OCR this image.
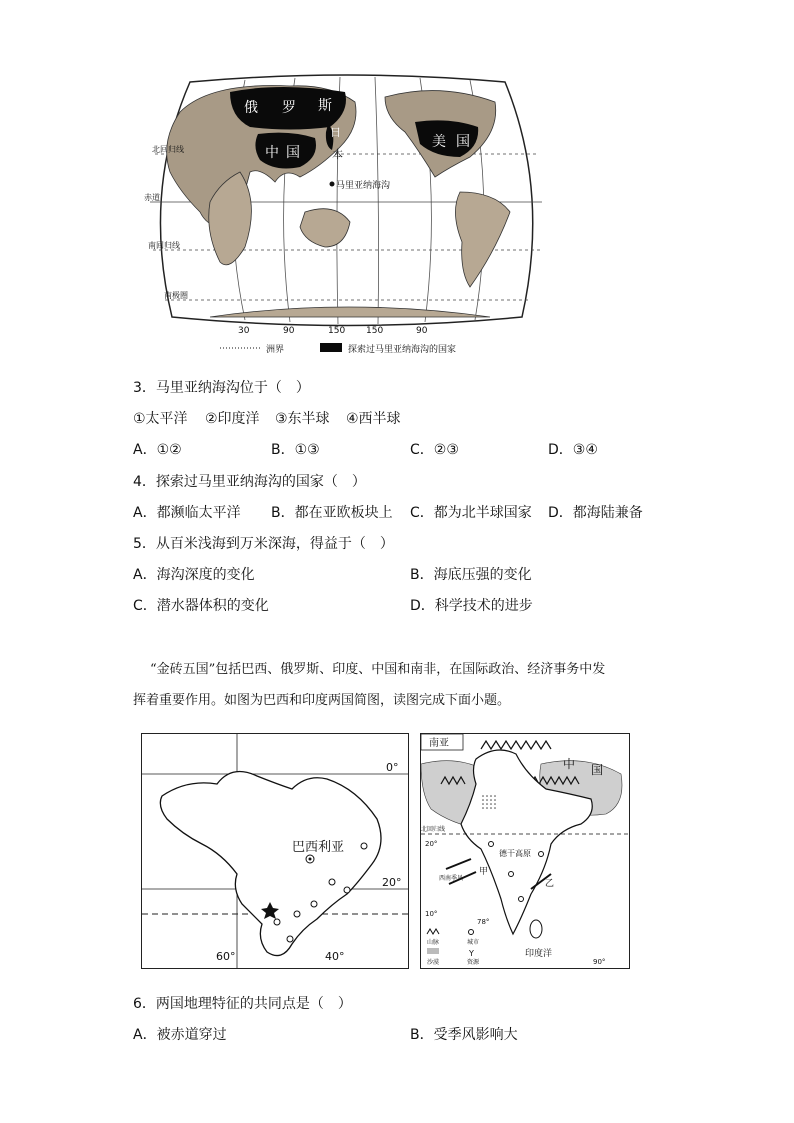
俄 罗 斯
中 国
日
本
美 国
马里亚纳海沟
北回归线
赤道
南回归线
南极圈
30	90	150 150	90
洲界	探索过马里亚纳海沟的国家
3．马里亚纳海沟位于（　）
①太平洋 ②印度洋 ③东半球 ④西半球
A．①②	B．①③	C．②③	D．③④
4．探索过马里亚纳海沟的国家（　）
A．都濒临太平洋 B．都在亚欧板块上 C．都为北半球国家 D．都海陆兼备
5．从百米浅海到万米深海，得益于（　）
A．海沟深度的变化	B．海底压强的变化
C．潜水器体积的变化	D．科学技术的进步
“金砖五国”包括巴西、俄罗斯、印度、中国和南非，在国际政治、经济事务中发
挥着重要作用。如图为巴西和印度两国简图，读图完成下面小题。
巴西利亚
0°
20°
60°	40°
南亚
中 国
德干高原
甲
乙
印度洋
北回归线
西南季风
20°
10°
78°
90°
山脉	城市
沙漠
Y
资源
6．两国地理特征的共同点是（　）
A．被赤道穿过	B．受季风影响大
